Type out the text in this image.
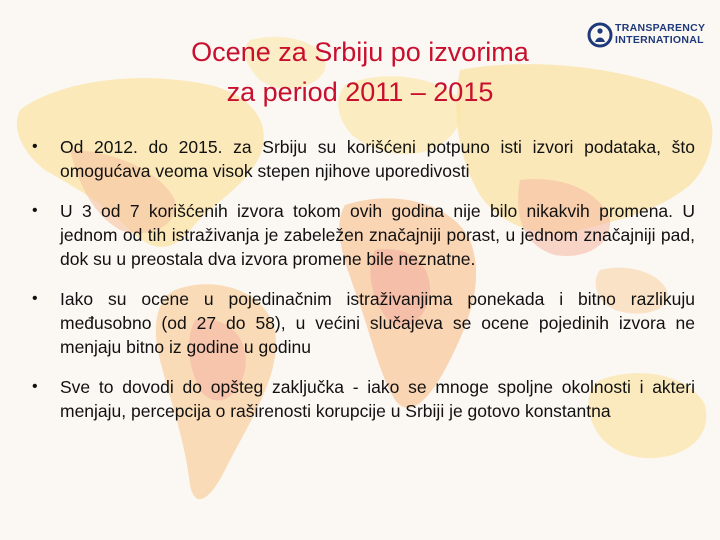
Ocene za Srbiju po izvorima
za period 2011 – 2015
TRANSPARENCY
INTERNATIONAL
• Od 2012. do 2015. za Srbiju su korišćeni potpuno isti izvori podataka, što omogućava veoma visok stepen njihove uporedivosti
• U 3 od 7 korišćenih izvora tokom ovih godina nije bilo nikakvih promena. U jednom od tih istraživanja je zabeležen značajniji porast, u jednom značajniji pad, dok su u preostala dva izvora promene bile neznatne.
• Iako su ocene u pojedinačnim istraživanjima ponekada i bitno razlikuju međusobno (od 27 do 58), u većini slučajeva se ocene pojedinih izvora ne menjaju bitno iz godine u godinu
• Sve to dovodi do opšteg zaključka - iako se mnoge spoljne okolnosti i akteri menjaju, percepcija o raširenosti korupcije u Srbiji je gotovo konstantna
